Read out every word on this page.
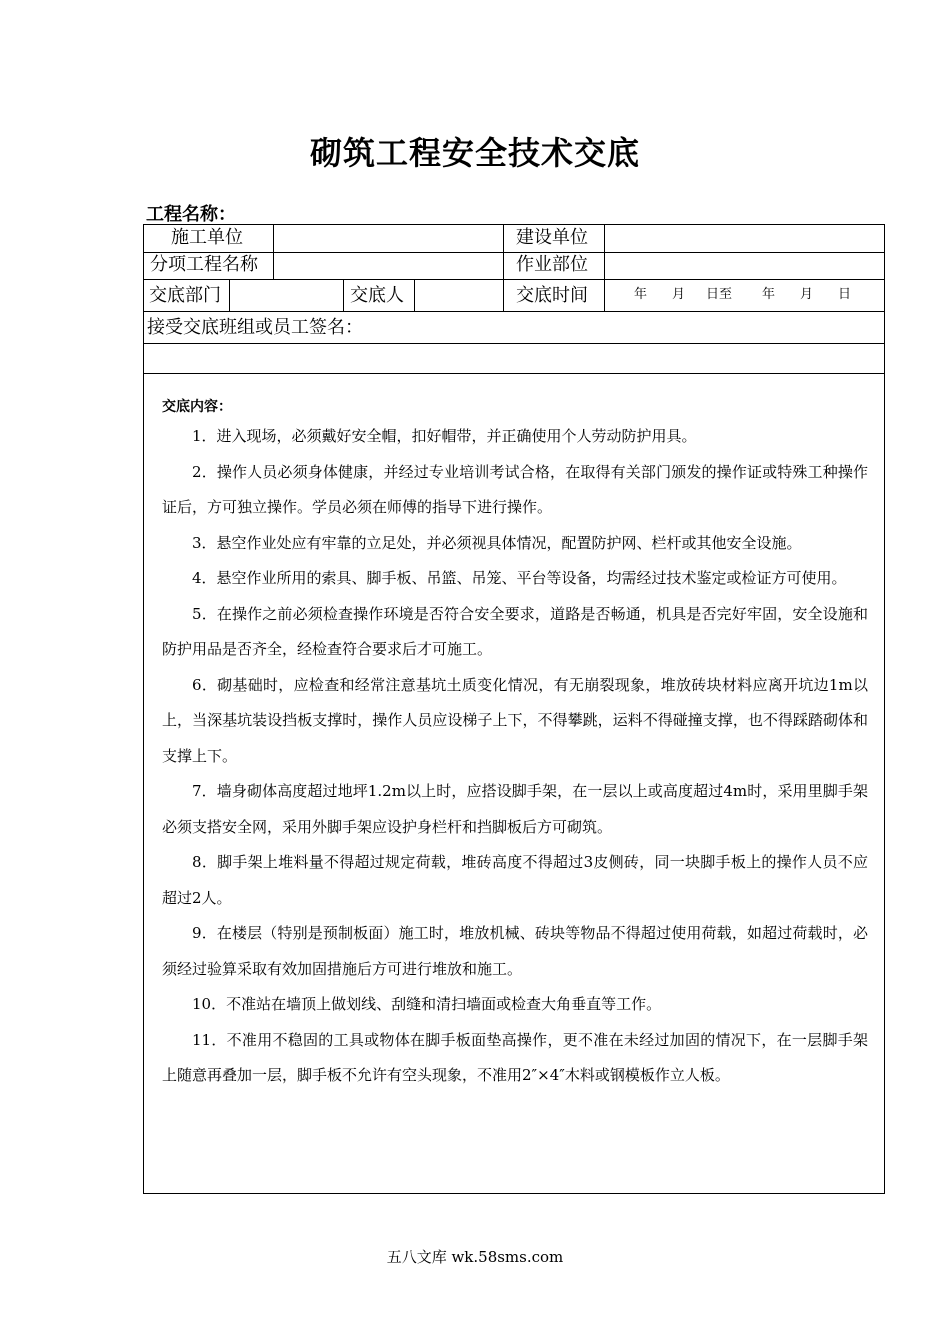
砌筑工程安全技术交底
工程名称：
施工单位	建设单位
分项工程名称	作业部位
交底部门	交底人	交底时间	年 月 日至 年 月 日
接受交底班组或员工签名：
交底内容：

1．进入现场，必须戴好安全帽，扣好帽带，并正确使用个人劳动防护用具。

2．操作人员必须身体健康，并经过专业培训考试合格，在取得有关部门颁发的操作证或特殊工种操作证后，方可独立操作。学员必须在师傅的指导下进行操作。

3．悬空作业处应有牢靠的立足处，并必须视具体情况，配置防护网、栏杆或其他安全设施。

4．悬空作业所用的索具、脚手板、吊篮、吊笼、平台等设备，均需经过技术鉴定或检证方可使用。

5．在操作之前必须检查操作环境是否符合安全要求，道路是否畅通，机具是否完好牢固，安全设施和防护用品是否齐全，经检查符合要求后才可施工。

6．砌基础时，应检查和经常注意基坑土质变化情况，有无崩裂现象，堆放砖块材料应离开坑边1m以上，当深基坑装设挡板支撑时，操作人员应设梯子上下，不得攀跳，运料不得碰撞支撑，也不得踩踏砌体和支撑上下。

7．墙身砌体高度超过地坪1.2m以上时，应搭设脚手架，在一层以上或高度超过4m时，采用里脚手架必须支搭安全网，采用外脚手架应设护身栏杆和挡脚板后方可砌筑。

8．脚手架上堆料量不得超过规定荷载，堆砖高度不得超过3皮侧砖，同一块脚手板上的操作人员不应超过2人。

9．在楼层（特别是预制板面）施工时，堆放机械、砖块等物品不得超过使用荷载，如超过荷载时，必须经过验算采取有效加固措施后方可进行堆放和施工。

10．不准站在墙顶上做划线、刮缝和清扫墙面或检查大角垂直等工作。

11．不准用不稳固的工具或物体在脚手板面垫高操作，更不准在未经过加固的情况下，在一层脚手架上随意再叠加一层，脚手板不允许有空头现象，不准用2″×4″木料或钢模板作立人板。

五八文库 wk.58sms.com
